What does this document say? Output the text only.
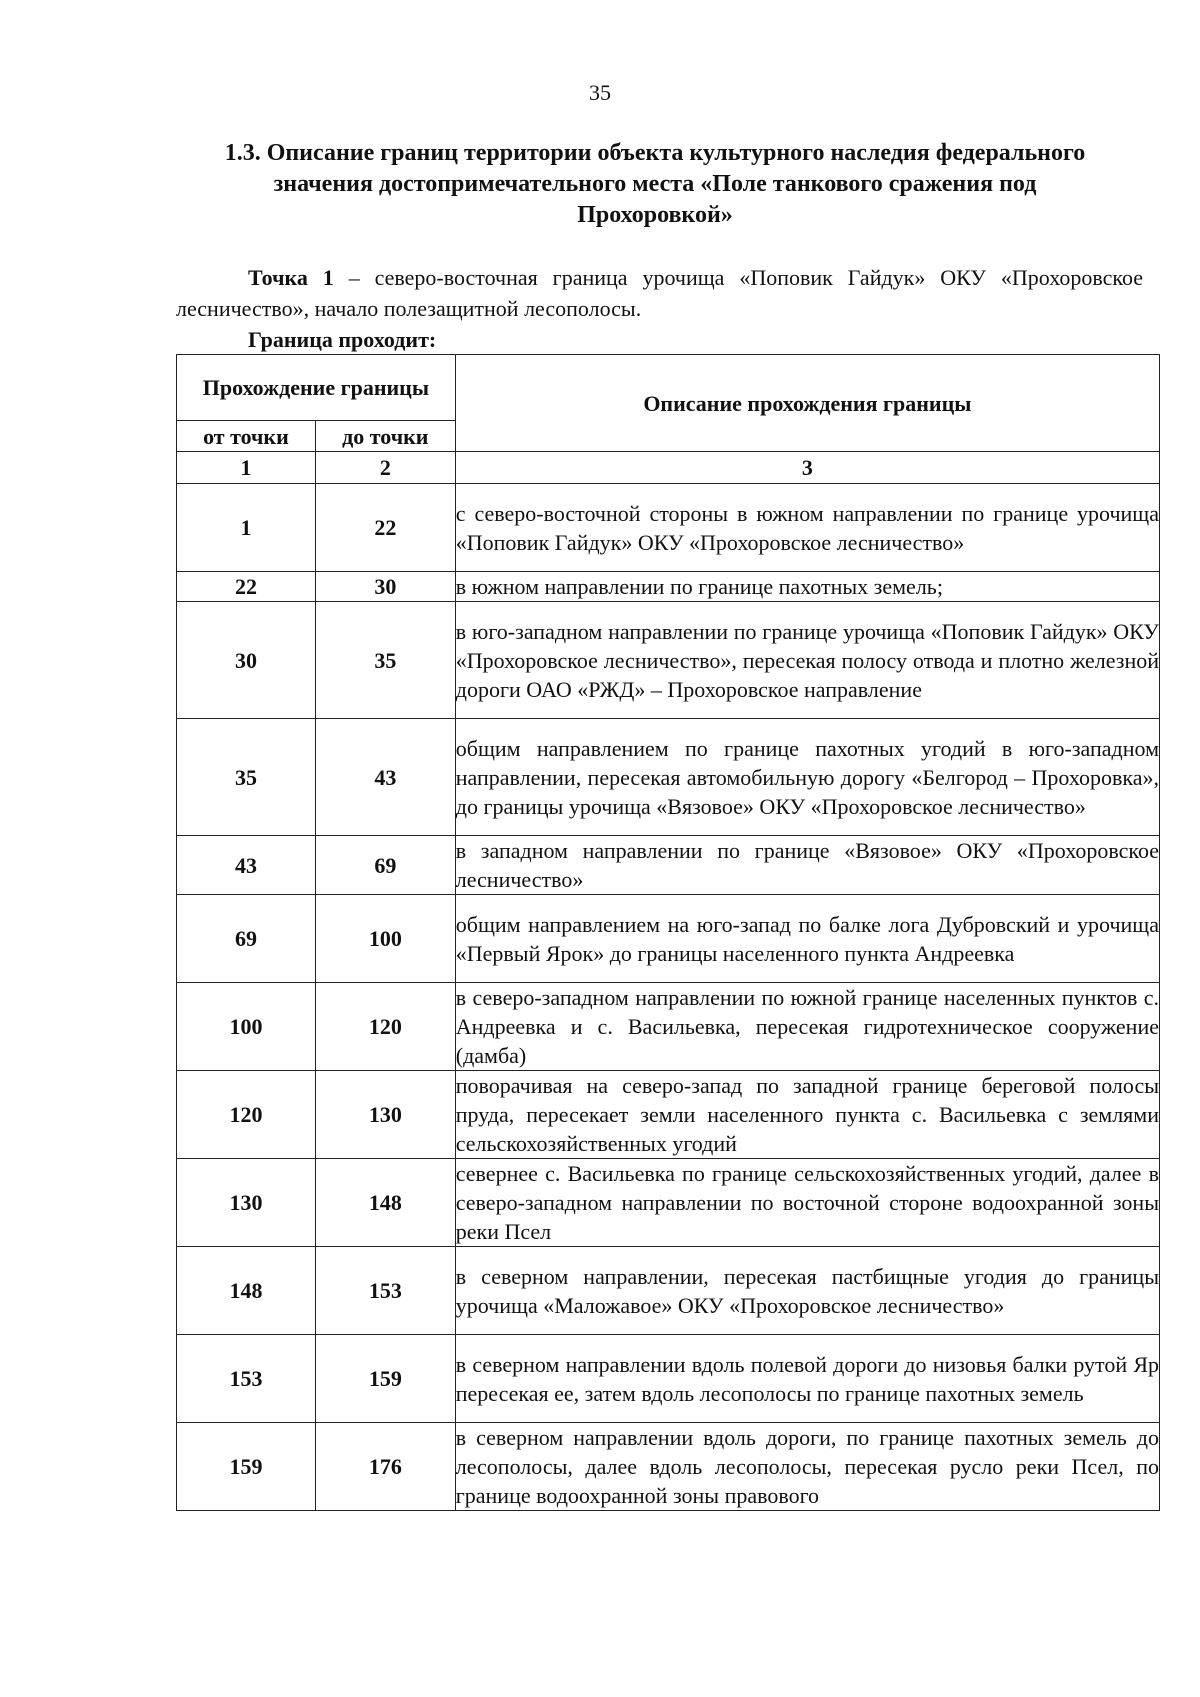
35
1.3. Описание границ территории объекта культурного наследия федерального значения достопримечательного места «Поле танкового сражения под Прохоровкой»

Точка 1 – северо-восточная граница урочища «Поповик Гайдук» ОКУ «Прохоровское лесничество», начало полезащитной лесополосы.

Граница проходит:
Прохождение границы		Описание прохождения границы
от точки	до точки	
1	2	3
1	22	с северо-восточной стороны в южном направлении по границе урочища «Поповик Гайдук» ОКУ «Прохоровское лесничество»
22	30	в южном направлении по границе пахотных земель;
30	35	в юго-западном направлении по границе урочища «Поповик Гайдук» ОКУ «Прохоровское лесничество», пересекая полосу отвода и плотно железной дороги ОАО «РЖД» – Прохоровское направление
35	43	общим направлением по границе пахотных угодий в юго-западном направлении, пересекая автомобильную дорогу «Белгород – Прохоровка», до границы урочища «Вязовое» ОКУ «Прохоровское лесничество»
43	69	в западном направлении по границе «Вязовое» ОКУ «Прохоровское лесничество»
69	100	общим направлением на юго-запад по балке лога Дубровский и урочища «Первый Ярок» до границы населенного пункта Андреевка
100	120	в северо-западном направлении по южной границе населенных пунктов с. Андреевка и с. Васильевка, пересекая гидротехническое сооружение (дамба)
120	130	поворачивая на северо-запад по западной границе береговой полосы пруда, пересекает земли населенного пункта с. Васильевка с землями сельскохозяйственных угодий
130	148	севернее с. Васильевка по границе сельскохозяйственных угодий, далее в северо-западном направлении по восточной стороне водоохранной зоны реки Псел
148	153	в северном направлении, пересекая пастбищные угодия до границы урочища «Маложавое» ОКУ «Прохоровское лесничество»
153	159	в северном направлении вдоль полевой дороги до низовья балки рутой Яр пересекая ее, затем вдоль лесополосы по границе пахотных земель
159	176	в северном направлении вдоль дороги, по границе пахотных земель до лесополосы, далее вдоль лесополосы, пересекая русло реки Псел, по границе водоохранной зоны правового
